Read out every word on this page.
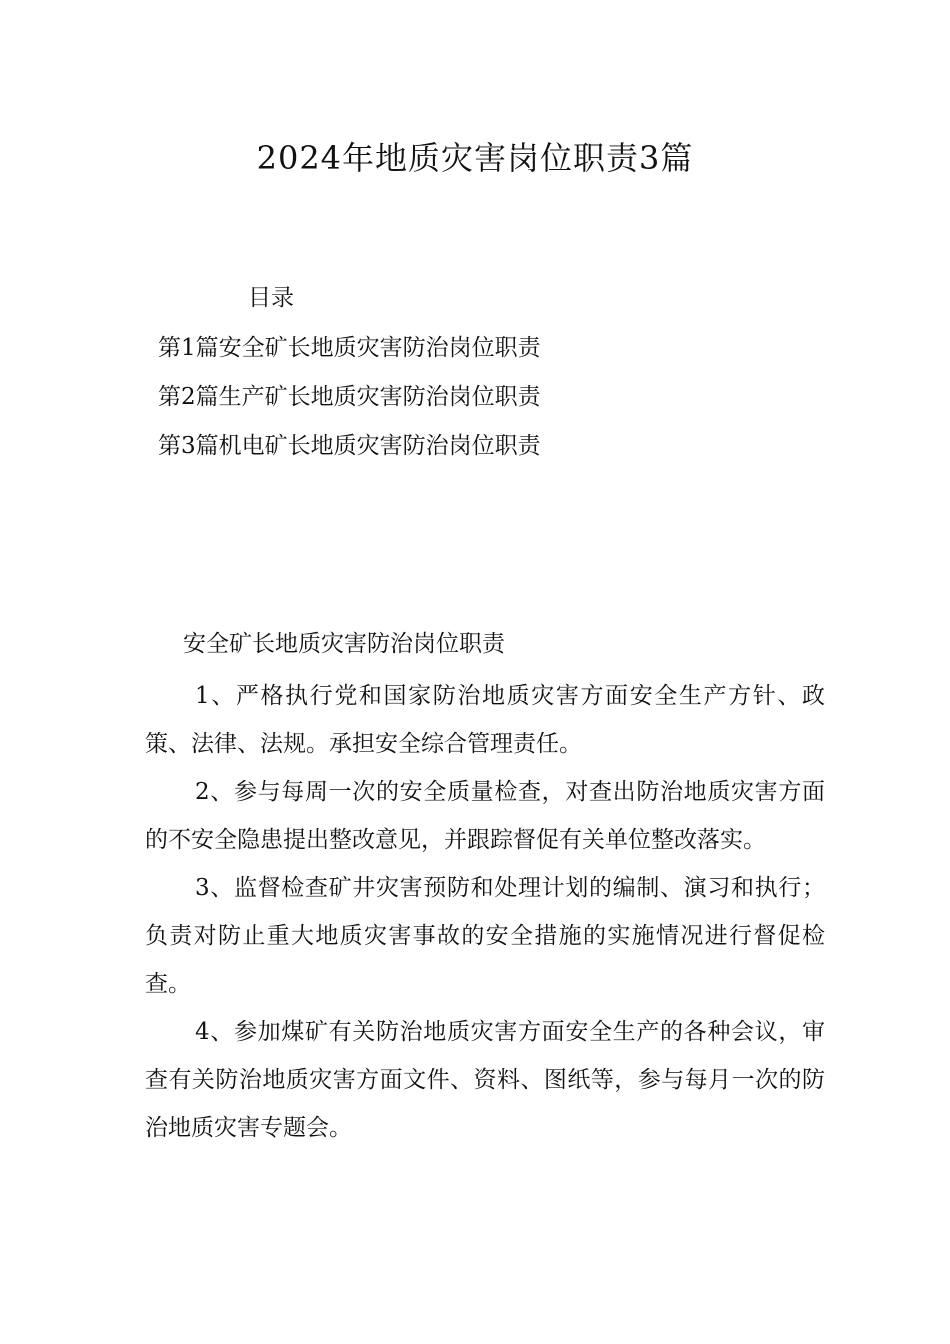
2024年地质灾害岗位职责3篇
目录
第1篇安全矿长地质灾害防治岗位职责
第2篇生产矿长地质灾害防治岗位职责
第3篇机电矿长地质灾害防治岗位职责
安全矿长地质灾害防治岗位职责

1、严格执行党和国家防治地质灾害方面安全生产方针、政策、法律、法规。承担安全综合管理责任。

2、参与每周一次的安全质量检查，对查出防治地质灾害方面的不安全隐患提出整改意见，并跟踪督促有关单位整改落实。

3、监督检查矿井灾害预防和处理计划的编制、演习和执行；负责对防止重大地质灾害事故的安全措施的实施情况进行督促检查。

4、参加煤矿有关防治地质灾害方面安全生产的各种会议，审查有关防治地质灾害方面文件、资料、图纸等，参与每月一次的防治地质灾害专题会。
